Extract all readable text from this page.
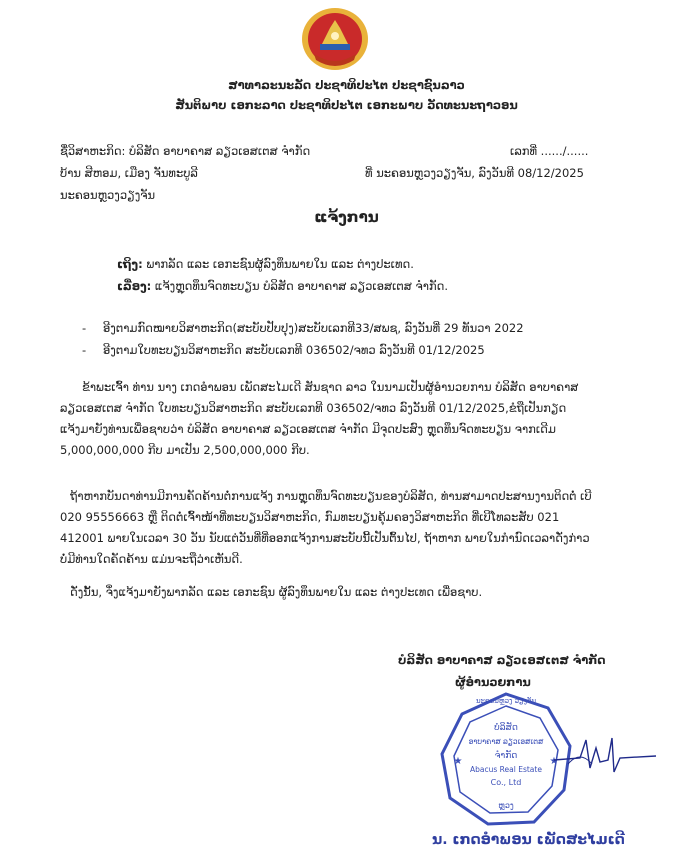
ສາທາລະນະລັດ ປະຊາທິປະໄຕ ປະຊາຊົນລາວ
ສັນຕິພາບ ເອກະລາດ ປະຊາທິປະໄຕ ເອກະພາບ ວັດທະນະຖາວອນ
ຊື່ວິສາຫະກິດ: ບໍລິສັດ ອາບາຄາສ ລຽວເອສເຕສ ຈໍາກັດ	ເລກທີ່ ....../......
ບ້ານ ສີຫອມ, ເມືອງ ຈັນທະບູລີ	ທີ່ ນະຄອນຫຼວງວຽງຈັນ, ລົງວັນທີ 08/12/2025
ນະຄອນຫຼວງວຽງຈັນ
ແຈ້ງການ
ເຖິງ: ພາກລັດ ແລະ ເອກະຊົນຜູ້ລົງທຶນພາຍໃນ ແລະ ຕ່າງປະເທດ.
ເລື່ອງ: ແຈ້ງຫຼຸດທຶນຈົດທະບຽນ ບໍລິສັດ ອາບາຄາສ ລຽວເອສເຕສ ຈໍາກັດ.
- ອີງຕາມກົດໝາຍວິສາຫະກິດ(ສະບັບປັບປຸງ)ສະບັບເລກທີ33/ສພຊ, ລົງວັນທີ່ 29 ທັນວາ 2022
- ອີງຕາມໃບທະບຽນວິສາຫະກິດ ສະບັບເລກທີ 036502/ຈທວ ລົງວັນທີ 01/12/2025
ຂ້າພະເຈົ້າ ທ່ານ ນາງ ເກດອຳພອນ ເພັດສະໄມເດີ ສັນຊາດ ລາວ ໃນນາມເປັນຜູ້ອໍານວຍການ ບໍລິສັດ ອາບາຄາສ
ລຽວເອສເຕສ ຈໍາກັດ ໃບທະບຽນວິສາຫະກິດ ສະບັບເລກທີ 036502/ຈທວ ລົງວັນທີ 01/12/2025,ຂໍຖືເປັນກຽດ
ແຈ້ງມາຍັງທ່ານເພື່ອຊາບວ່າ ບໍລິສັດ ອາບາຄາສ ລຽວເອສເຕສ ຈໍາກັດ ມີຈຸດປະສົງ ຫຼຸດທຶນຈົດທະບຽນ ຈາກເດີມ
5,000,000,000 ກີບ ມາເປັນ 2,500,000,000 ກີບ.
ຖ້າຫາກບັນດາທ່ານມີການຄັດຄ້ານຕໍ່ການແຈ້ງ ການຫຼຸດທຶນຈົດທະບຽນຂອງບໍລິສັດ, ທ່ານສາມາດປະສານງານຕິດຕໍ່ ເບີ
020 95556663 ຫຼື ຕິດຕໍ່ເຈົ້າໜ້າທີ່ທະບຽນວິສາຫະກິດ, ກົມທະບຽນຄຸ້ມຄອງວິສາຫະກິດ ທີ່ເບີໂທລະສັບ 021
412001 ພາຍໃນເວລາ 30 ວັນ ນັບແຕ່ວັນທີ່ທີ່ອອກແຈ້ງການສະບັບນີ້ເປັນຕົ້ນໄປ, ຖ້າຫາກ ພາຍໃນກໍານົດເວລາດັ່ງກ່າວ
ບໍ່ມີທ່ານໃດຄັດຄ້ານ ແມ່ນຈະຖືວ່າເຫັນດີ.
ດັ່ງນັ້ນ, ຈຶ່ງແຈ້ງມາຍັງພາກລັດ ແລະ ເອກະຊົນ ຜູ້ລົງທຶນພາຍໃນ ແລະ ຕ່າງປະເທດ ເພື່ອຊາບ.
ບໍລິສັດ ອາບາຄາສ ລຽວເອສເຕສ ຈໍາກັດ
ຜູ້ອໍານວຍການ
ນະຄອນຫຼວງ ວຽງຈັນ
ບໍລິສັດ
ອາບາຄາສ ລຽວເອສເຕສ
ຈໍາກັດ
Abacus Real Estate
Co., Ltd
ຫຼວງ
★	★
ນ. ເກດອຳພອນ ເພັດສະໄມເດີ
